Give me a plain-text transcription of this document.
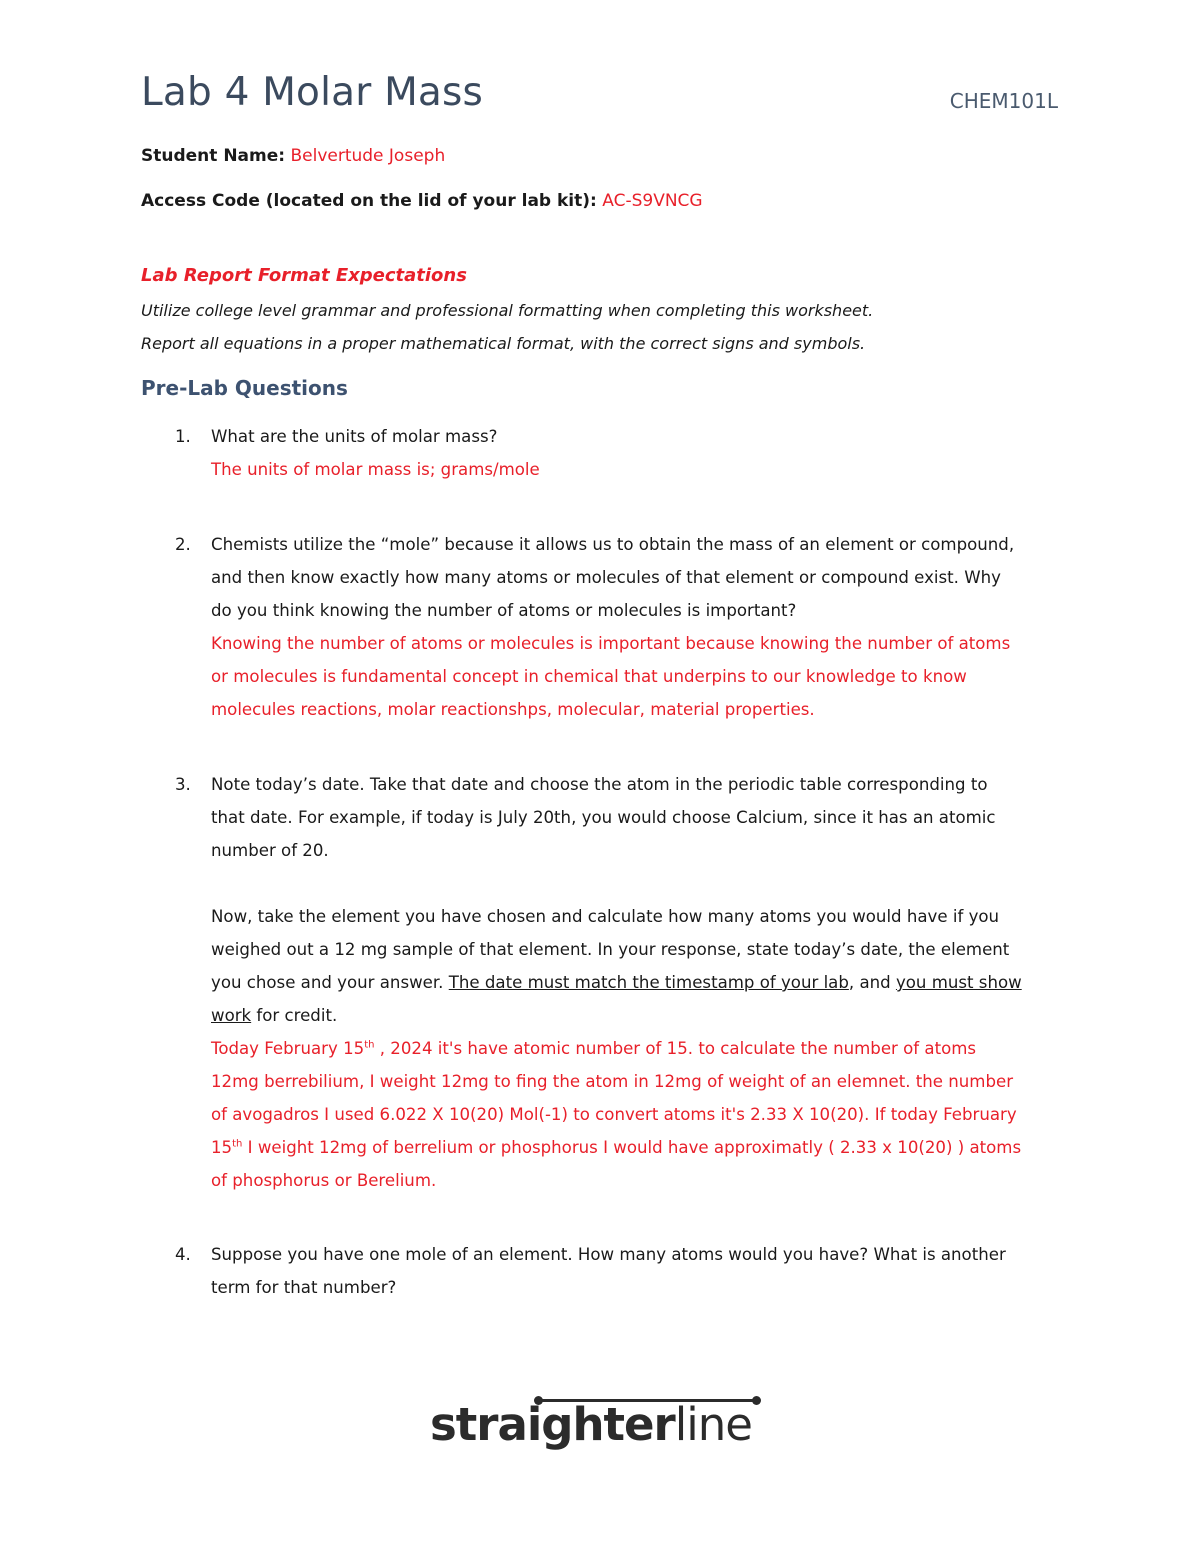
Lab 4 Molar Mass	CHEM101L
Student Name: Belvertude Joseph
Access Code (located on the lid of your lab kit): AC-S9VNCG
Lab Report Format Expectations
Utilize college level grammar and professional formatting when completing this worksheet.
Report all equations in a proper mathematical format, with the correct signs and symbols.
Pre-Lab Questions
1. What are the units of molar mass?

The units of molar mass is; grams/mole

2. Chemists utilize the “mole” because it allows us to obtain the mass of an element or compound,

and then know exactly how many atoms or molecules of that element or compound exist. Why

do you think knowing the number of atoms or molecules is important?

Knowing the number of atoms or molecules is important because knowing the number of atoms

or molecules is fundamental concept in chemical that underpins to our knowledge to know

molecules reactions, molar reactionshps, molecular, material properties.

3. Note today’s date. Take that date and choose the atom in the periodic table corresponding to

that date. For example, if today is July 20th, you would choose Calcium, since it has an atomic

number of 20.

Now, take the element you have chosen and calculate how many atoms you would have if you

weighed out a 12 mg sample of that element. In your response, state today’s date, the element

you chose and your answer. The date must match the timestamp of your lab, and you must show

work for credit.

Today February 15th , 2024 it's have atomic number of 15. to calculate the number of atoms

12mg berrebilium, I weight 12mg to fing the atom in 12mg of weight of an elemnet. the number

of avogadros I used 6.022 X 10(20) Mol(-1) to convert atoms it's 2.33 X 10(20). If today February

15th I weight 12mg of berrelium or phosphorus I would have approximatly ( 2.33 x 10(20) ) atoms

of phosphorus or Berelium.

4. Suppose you have one mole of an element. How many atoms would you have? What is another

term for that number?

straighterline
